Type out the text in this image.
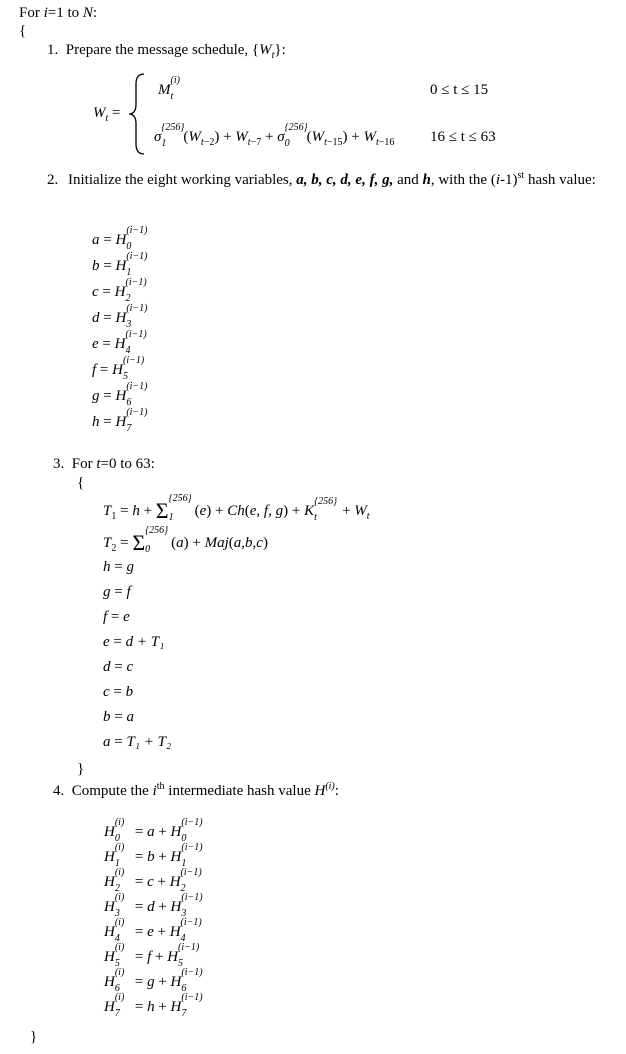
For i=1 to N:
{
1. Prepare the message schedule, $\{W_t\}$:
$W_t$ =
M
(i)
t	0 ≤ t ≤ 15
σ
{256}
1 $(W_{t-2}) + W_{t-7} + \sigma$
{256}
0 $(W_{t-15}) + W_{t-16}$ 16 ≤ t ≤ 63
2. Initialize the eight working variables, a, b, c, d, e, f, g, and h, with the $(i-1)^{st}$ hash value:
a = H
(i−1)
0
b = H
(i−1)
1
c = H
(i−1)
2
d = H
(i−1)
3
e = H
(i−1)
4
f = H
(i−1)
5
g = H
(i−1)
6
h = H
(i−1)
7
3. For t=0 to 63:
{
$T_1 = h + \Sigma$ {256}
1 (e) + Ch(e, f, g) + K
{256}
$t + W_t$
$T_2 = \Sigma$ {256}
0 (a) + Maj(a,b,c)
h = g
g = f
f = e
e = d + T₁
d = c
c = b
b = a
a = T₁ + T₂
}
4. Compute the $i^{th}$ intermediate hash value $H^{(i)}$:
H
(i)
0 = a + H
(i−1)
0
H
(i)
1 = b + H
(i−1)
1
H
(i)
2 = c + H
(i−1)
2
H
(i)
3 = d + H
(i−1)
3
H
(i)
4 = e + H
(i−1)
4
H
(i)
5 = f + H
(i−1)
5
H
(i)
6 = g + H
(i−1)
6
H
(i)
7 = h + H
(i−1)
7
}
